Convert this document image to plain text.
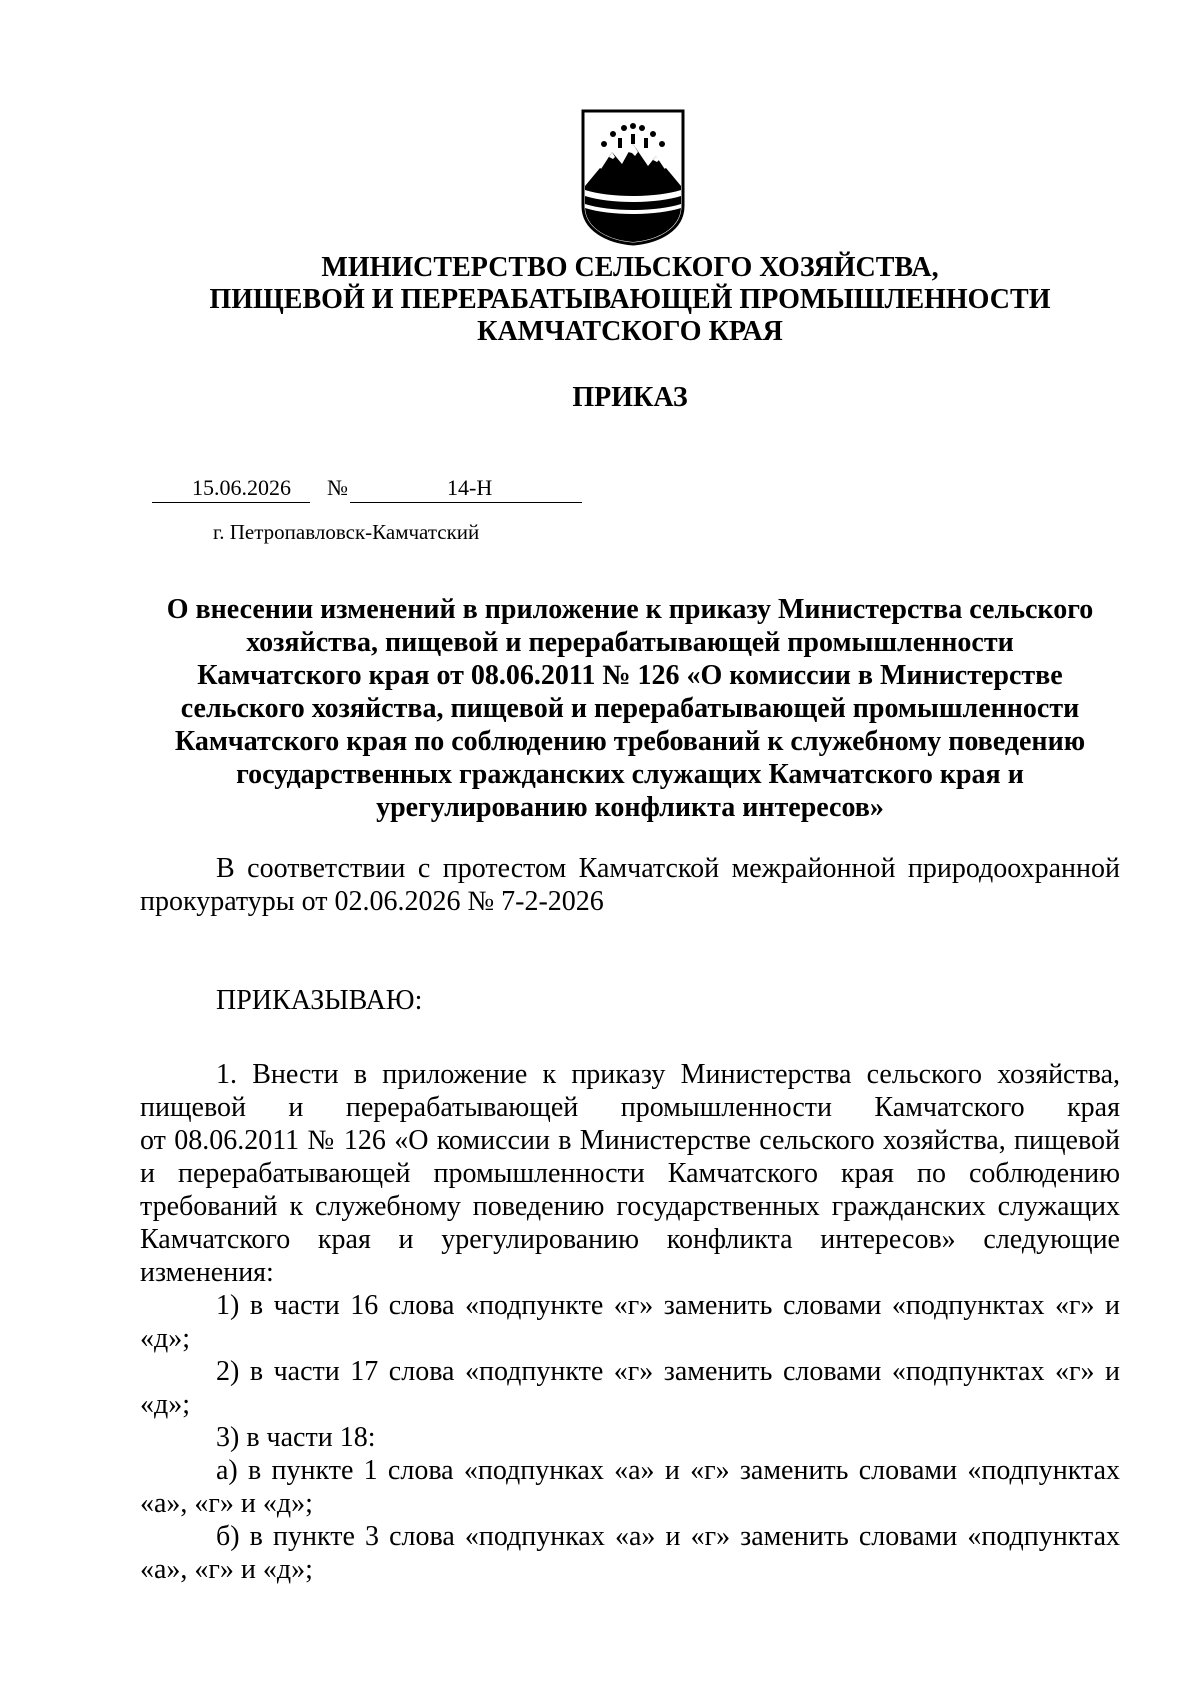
МИНИСТЕРСТВО СЕЛЬСКОГО ХОЗЯЙСТВА,
ПИЩЕВОЙ И ПЕРЕРАБАТЫВАЮЩЕЙ ПРОМЫШЛЕННОСТИ
КАМЧАТСКОГО КРАЯ
ПРИКАЗ
15.06.2026 №	14-Н
г. Петропавловск-Камчатский
О внесении изменений в приложение к приказу Министерства сельского
хозяйства, пищевой и перерабатывающей промышленности
Камчатского края от 08.06.2011 № 126 «О комиссии в Министерстве
сельского хозяйства, пищевой и перерабатывающей промышленности
Камчатского края по соблюдению требований к служебному поведению
государственных гражданских служащих Камчатского края и
урегулированию конфликта интересов»
В соответствии с протестом Камчатской межрайонной природоохранной
прокуратуры от 02.06.2026 № 7-2-2026
ПРИКАЗЫВАЮ:
1. Внести в приложение к приказу Министерства сельского хозяйства,
пищевой и перерабатывающей промышленности Камчатского края
от 08.06.2011 № 126 «О комиссии в Министерстве сельского хозяйства, пищевой
и перерабатывающей промышленности Камчатского края по соблюдению
требований к служебному поведению государственных гражданских служащих
Камчатского края и урегулированию конфликта интересов» следующие
изменения:
1) в части 16 слова «подпункте «г» заменить словами «подпунктах «г» и
«д»;
2) в части 17 слова «подпункте «г» заменить словами «подпунктах «г» и
«д»;
3) в части 18:
а) в пункте 1 слова «подпунках «а» и «г» заменить словами «подпунктах
«а», «г» и «д»;
б) в пункте 3 слова «подпунках «а» и «г» заменить словами «подпунктах
«а», «г» и «д»;
